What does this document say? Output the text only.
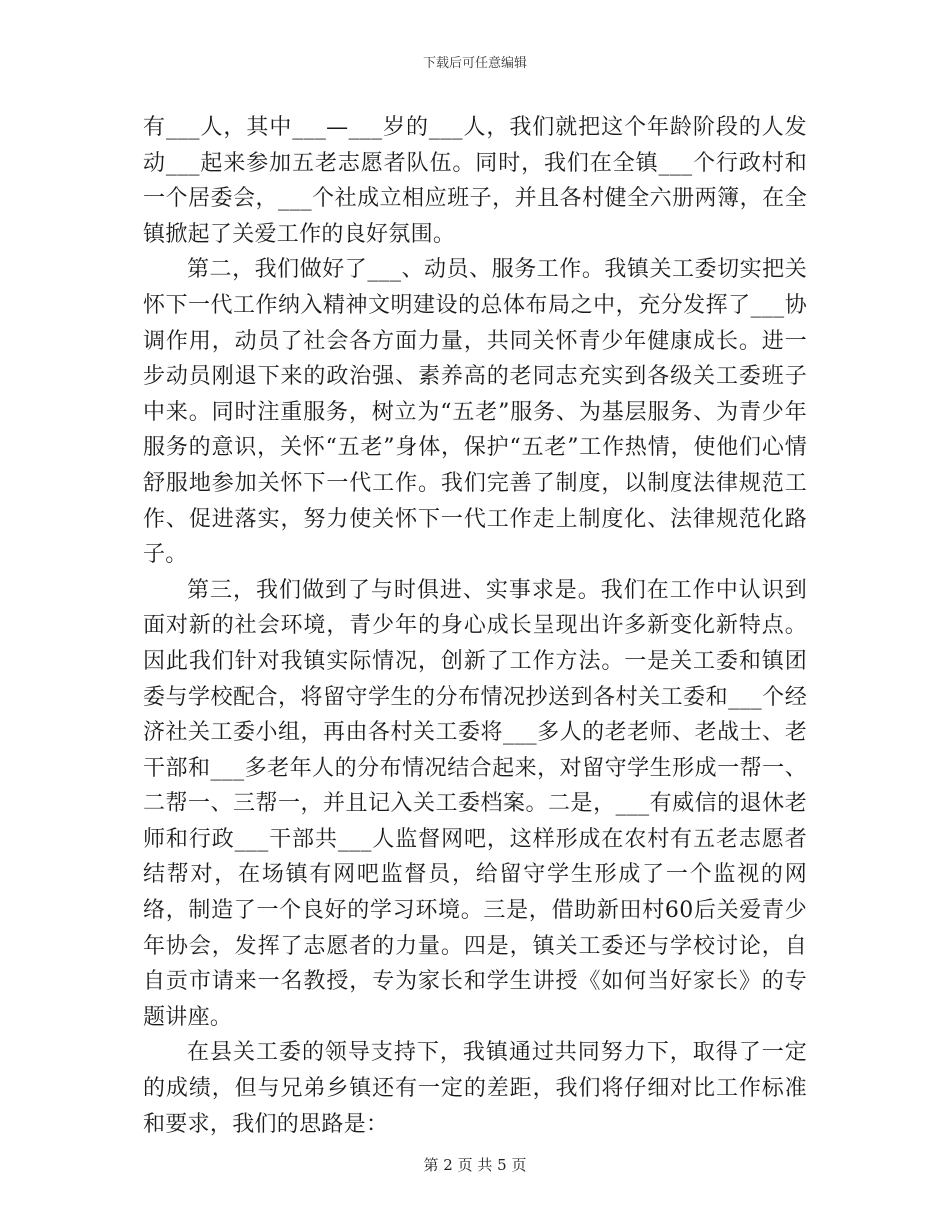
下载后可任意编辑

有___人，其中___—___岁的___人，我们就把这个年龄阶段的人发动___起来参加五老志愿者队伍。同时，我们在全镇___个行政村和一个居委会，___个社成立相应班子，并且各村健全六册两簿，在全镇掀起了关爱工作的良好氛围。

第二，我们做好了___、动员、服务工作。我镇关工委切实把关怀下一代工作纳入精神文明建设的总体布局之中，充分发挥了___协调作用，动员了社会各方面力量，共同关怀青少年健康成长。进一步动员刚退下来的政治强、素养高的老同志充实到各级关工委班子中来。同时注重服务，树立为“五老”服务、为基层服务、为青少年服务的意识，关怀“五老”身体，保护“五老”工作热情，使他们心情舒服地参加关怀下一代工作。我们完善了制度，以制度法律规范工作、促进落实，努力使关怀下一代工作走上制度化、法律规范化路子。

第三，我们做到了与时俱进、实事求是。我们在工作中认识到面对新的社会环境，青少年的身心成长呈现出许多新变化新特点。因此我们针对我镇实际情况，创新了工作方法。一是关工委和镇团委与学校配合，将留守学生的分布情况抄送到各村关工委和___个经济社关工委小组，再由各村关工委将___多人的老老师、老战士、老干部和___多老年人的分布情况结合起来，对留守学生形成一帮一、二帮一、三帮一，并且记入关工委档案。二是，___有威信的退休老师和行政___干部共___人监督网吧，这样形成在农村有五老志愿者结帮对，在场镇有网吧监督员，给留守学生形成了一个监视的网络，制造了一个良好的学习环境。三是，借助新田村60后关爱青少年协会，发挥了志愿者的力量。四是，镇关工委还与学校讨论，自自贡市请来一名教授，专为家长和学生讲授《如何当好家长》的专题讲座。

在县关工委的领导支持下，我镇通过共同努力下，取得了一定的成绩，但与兄弟乡镇还有一定的差距，我们将仔细对比工作标准和要求，我们的思路是：

第 2 页 共 5 页
